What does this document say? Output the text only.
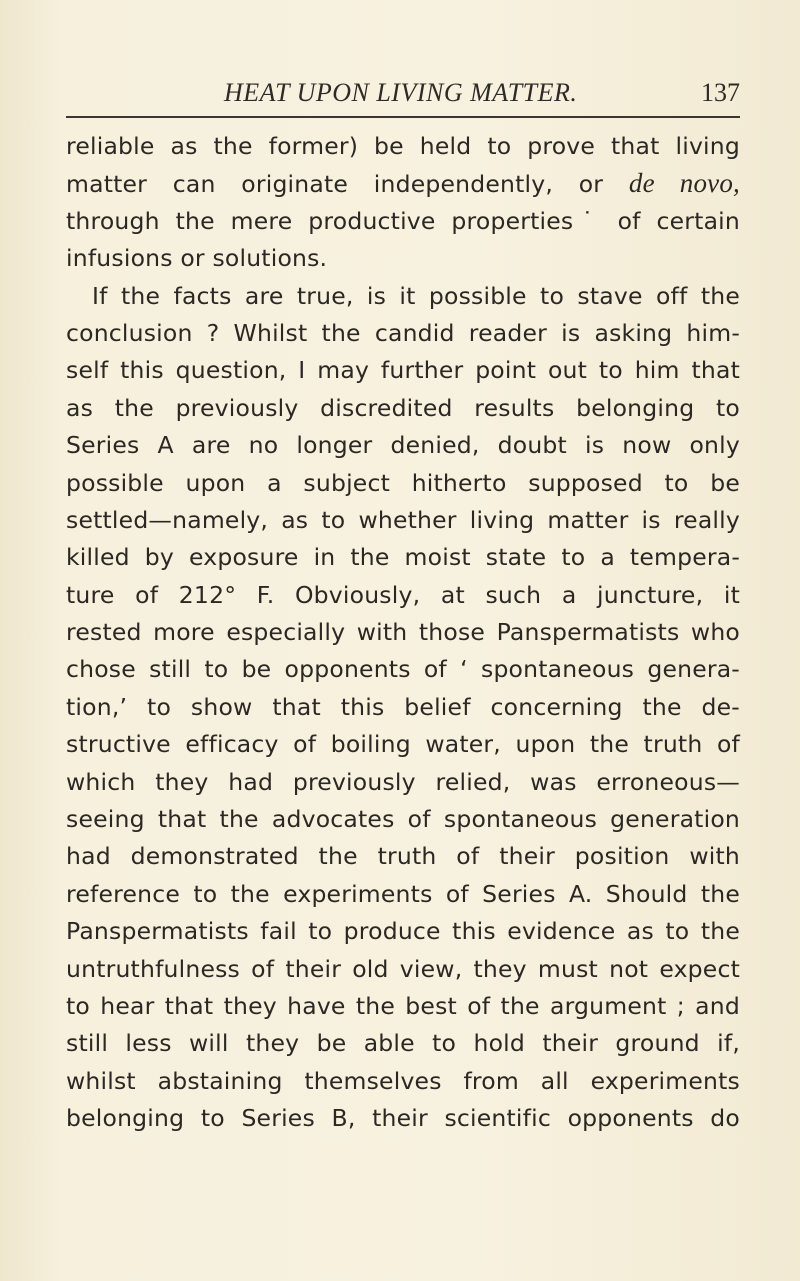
HEAT UPON LIVING MATTER.	137
reliable as the former) be held to prove that living
matter can originate independently, or de novo,
through the mere productive properties˙ of certain
infusions or solutions.
If the facts are true, is it possible to stave off the
conclusion ? Whilst the candid reader is asking him-
self this question, I may further point out to him that
as the previously discredited results belonging to
Series A are no longer denied, doubt is now only
possible upon a subject hitherto supposed to be
settled—namely, as to whether living matter is really
killed by exposure in the moist state to a tempera-
ture of 212° F. Obviously, at such a juncture, it
rested more especially with those Panspermatists who
chose still to be opponents of ‘ spontaneous genera-
tion,’ to show that this belief concerning the de-
structive efficacy of boiling water, upon the truth of
which they had previously relied, was erroneous—
seeing that the advocates of spontaneous generation
had demonstrated the truth of their position with
reference to the experiments of Series A. Should the
Panspermatists fail to produce this evidence as to the
untruthfulness of their old view, they must not expect
to hear that they have the best of the argument ; and
still less will they be able to hold their ground if,
whilst abstaining themselves from all experiments
belonging to Series B, their scientific opponents do
